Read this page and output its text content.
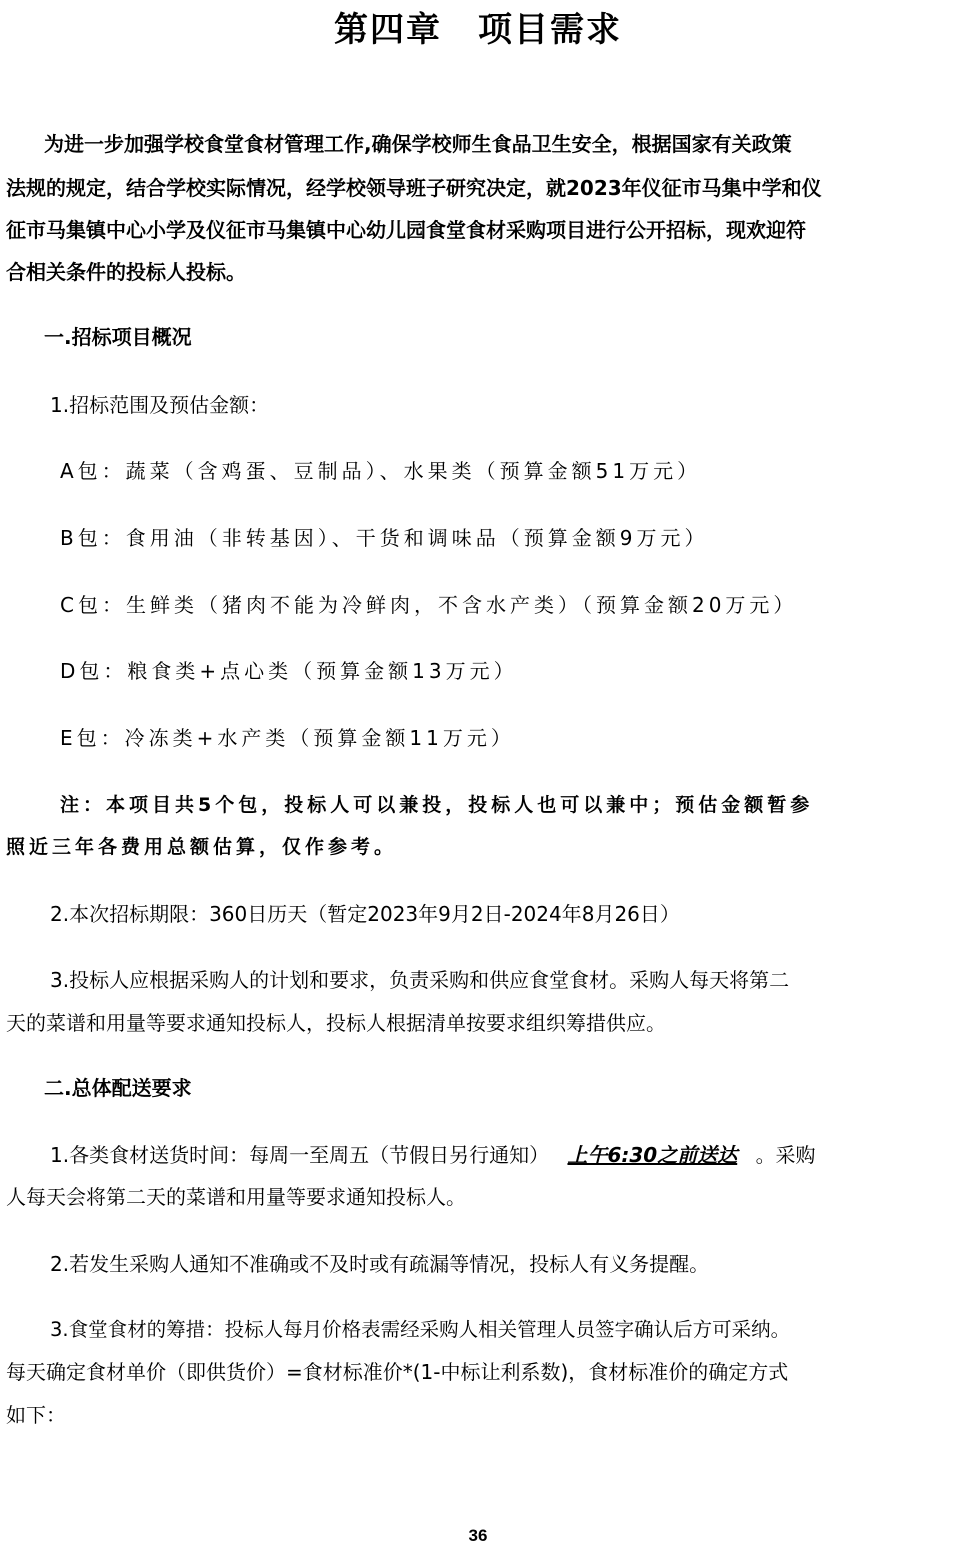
第四章　项目需求
为进一步加强学校食堂食材管理工作,确保学校师生食品卫生安全，根据国家有关政策
法规的规定，结合学校实际情况，经学校领导班子研究决定，就2023年仪征市马集中学和仪
征市马集镇中心小学及仪征市马集镇中心幼儿园食堂食材采购项目进行公开招标，现欢迎符
合相关条件的投标人投标。
一.招标项目概况
1.招标范围及预估金额：
A包：蔬菜（含鸡蛋、豆制品）、水果类（预算金额51万元）
B包：食用油（非转基因）、干货和调味品（预算金额9万元）
C包：生鲜类（猪肉不能为冷鲜肉，不含水产类）（预算金额20万元）
D包：粮食类+点心类（预算金额13万元）
E包：冷冻类+水产类（预算金额11万元）
注：本项目共5个包，投标人可以兼投，投标人也可以兼中；预估金额暂参
照近三年各费用总额估算，仅作参考。
2.本次招标期限：360日历天（暂定2023年9月2日-2024年8月26日）
3.投标人应根据采购人的计划和要求，负责采购和供应食堂食材。采购人每天将第二
天的菜谱和用量等要求通知投标人，投标人根据清单按要求组织筹措供应。
二.总体配送要求
1.各类食材送货时间：每周一至周五（节假日另行通知） 上午6:30之前送达 。采购
人每天会将第二天的菜谱和用量等要求通知投标人。
2.若发生采购人通知不准确或不及时或有疏漏等情况，投标人有义务提醒。
3.食堂食材的筹措：投标人每月价格表需经采购人相关管理人员签字确认后方可采纳。
每天确定食材单价（即供货价）=食材标准价*(1-中标让利系数)，食材标准价的确定方式
如下：
36
